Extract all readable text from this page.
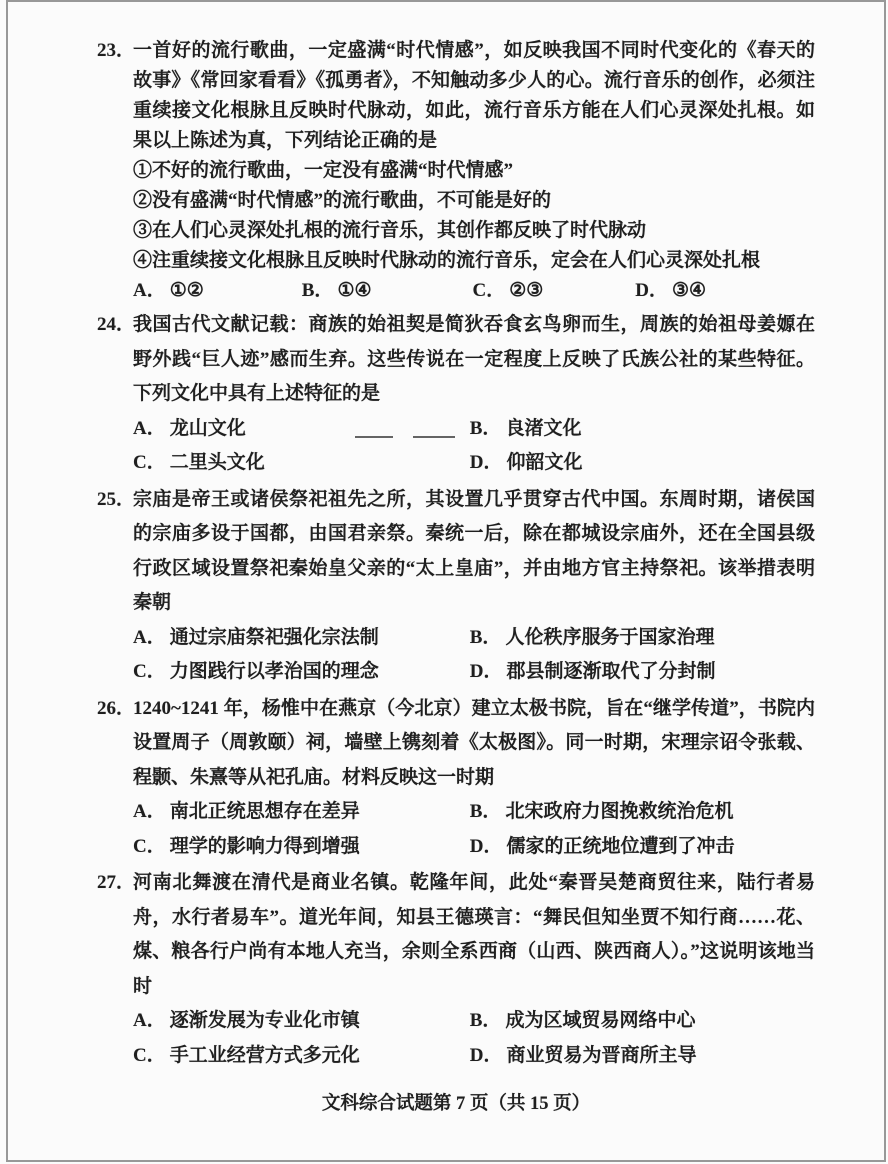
23．

一首好的流行歌曲，一定盛满“时代情感”，如反映我国不同时代变化的《春天的故事》《常回家看看》《孤勇者》，不知触动多少人的心。流行音乐的创作，必须注重续接文化根脉且反映时代脉动，如此，流行音乐方能在人们心灵深处扎根。如果以上陈述为真，下列结论正确的是

①不好的流行歌曲，一定没有盛满“时代情感”
②没有盛满“时代情感”的流行歌曲，不可能是好的
③在人们心灵深处扎根的流行音乐，其创作都反映了时代脉动
④注重续接文化根脉且反映时代脉动的流行音乐，定会在人们心灵深处扎根
A． ①②	B． ①④	C． ②③	D． ③④
24．

我国古代文献记载：商族的始祖契是简狄吞食玄鸟卵而生，周族的始祖母姜嫄在野外践“巨人迹”感而生弃。这些传说在一定程度上反映了氏族公社的某些特征。下列文化中具有上述特征的是

A． 龙山文化	B． 良渚文化
C． 二里头文化	D． 仰韶文化
25．

宗庙是帝王或诸侯祭祀祖先之所，其设置几乎贯穿古代中国。东周时期，诸侯国的宗庙多设于国都，由国君亲祭。秦统一后，除在都城设宗庙外，还在全国县级行政区域设置祭祀秦始皇父亲的“太上皇庙”，并由地方官主持祭祀。该举措表明秦朝

A． 通过宗庙祭祀强化宗法制	B． 人伦秩序服务于国家治理
C． 力图践行以孝治国的理念	D． 郡县制逐渐取代了分封制
26．

1240~1241 年，杨惟中在燕京（今北京）建立太极书院，旨在“继学传道”，书院内设置周子（周敦颐）祠，墙壁上镌刻着《太极图》。同一时期，宋理宗诏令张载、程颢、朱熹等从祀孔庙。材料反映这一时期

A． 南北正统思想存在差异	B． 北宋政府力图挽救统治危机
C． 理学的影响力得到增强	D． 儒家的正统地位遭到了冲击
27．

河南北舞渡在清代是商业名镇。乾隆年间，此处“秦晋吴楚商贸往来，陆行者易舟，水行者易车”。道光年间，知县王德瑛言：“舞民但知坐贾不知行商……花、煤、粮各行户尚有本地人充当，余则全系西商（山西、陕西商人）。”这说明该地当时

A． 逐渐发展为专业化市镇	B． 成为区域贸易网络中心
C． 手工业经营方式多元化	D． 商业贸易为晋商所主导
文科综合试题第 7 页（共 15 页）
